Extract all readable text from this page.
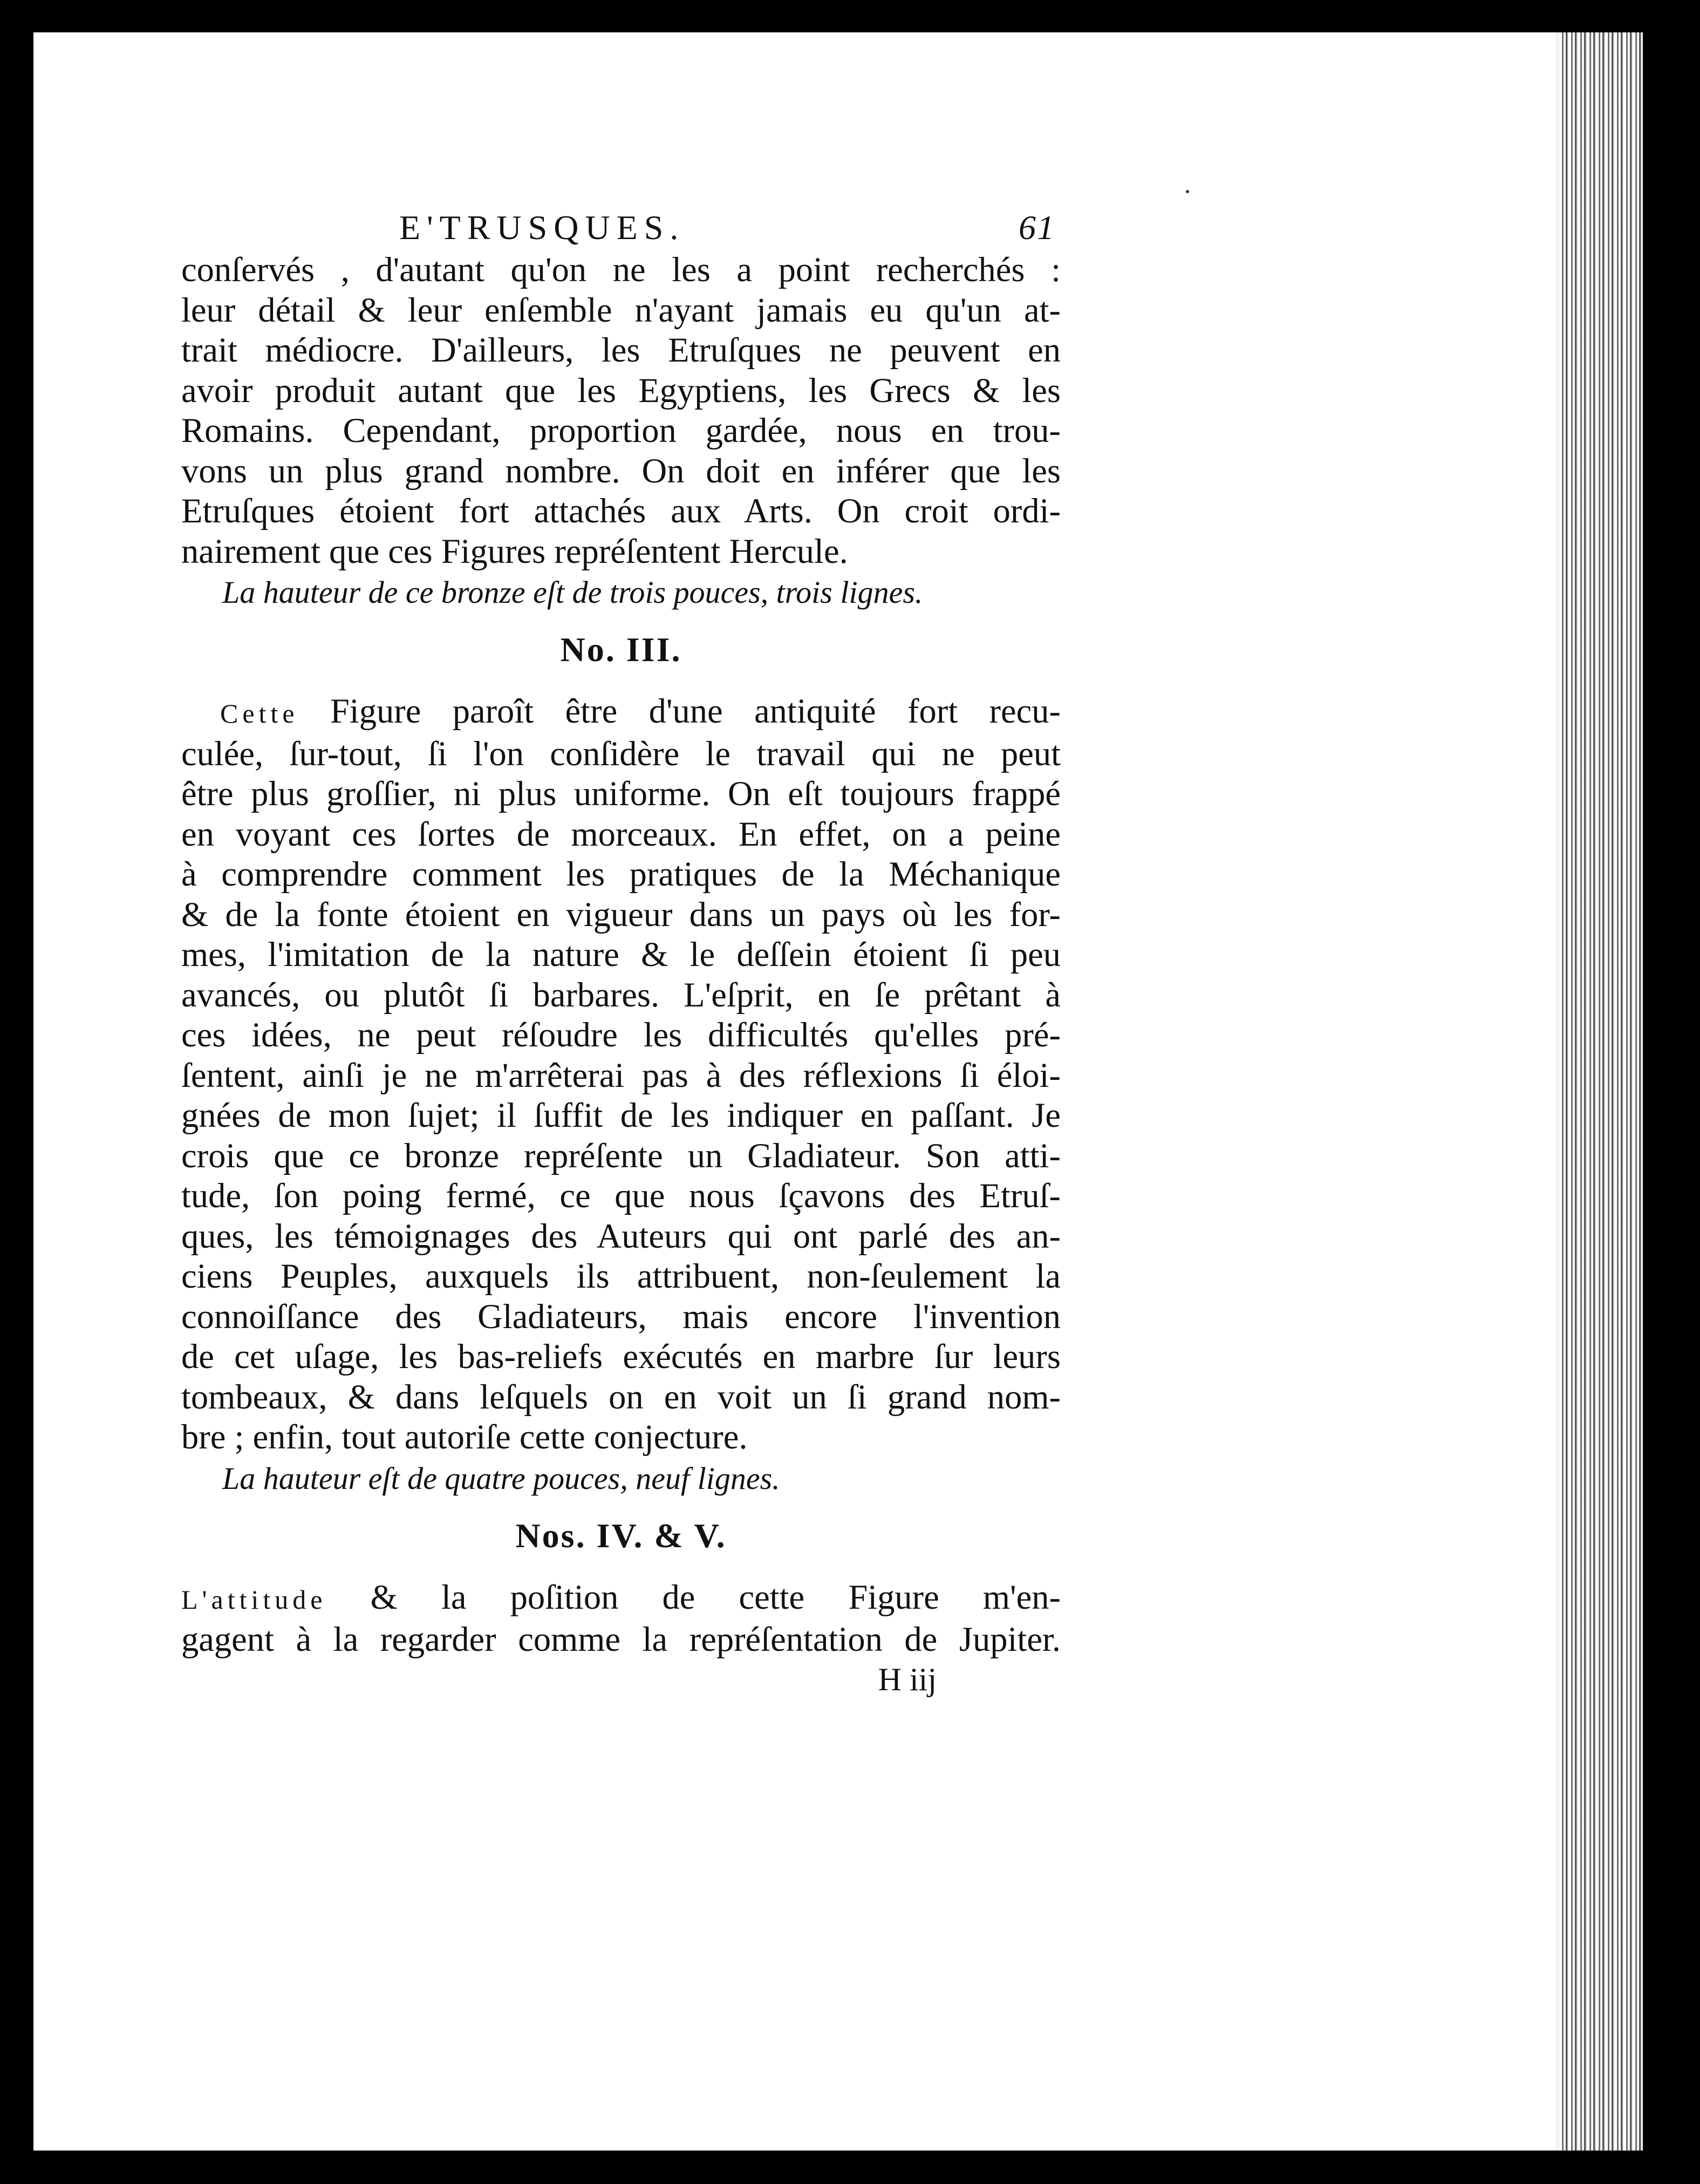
E'TRUSQUES.	61

conſervés , d'autant qu'on ne les a point recherchés :
leur détail & leur enſemble n'ayant jamais eu qu'un at-
trait médiocre. D'ailleurs, les Etruſques ne peuvent en
avoir produit autant que les Egyptiens, les Grecs & les
Romains. Cependant, proportion gardée, nous en trou-
vons un plus grand nombre. On doit en inférer que les
Etruſques étoient fort attachés aux Arts. On croit ordi-
nairement que ces Figures repréſentent Hercule.

La hauteur de ce bronze eſt de trois pouces, trois lignes.

No. III.

Cette Figure paroît être d'une antiquité fort recu-
culée, ſur-tout, ſi l'on conſidère le travail qui ne peut
être plus groſſier, ni plus uniforme. On eſt toujours frappé
en voyant ces ſortes de morceaux. En effet, on a peine
à comprendre comment les pratiques de la Méchanique
& de la fonte étoient en vigueur dans un pays où les for-
mes, l'imitation de la nature & le deſſein étoient ſi peu
avancés, ou plutôt ſi barbares. L'eſprit, en ſe prêtant à
ces idées, ne peut réſoudre les difficultés qu'elles pré-
ſentent, ainſi je ne m'arrêterai pas à des réflexions ſi éloi-
gnées de mon ſujet; il ſuffit de les indiquer en paſſant. Je
crois que ce bronze repréſente un Gladiateur. Son atti-
tude, ſon poing fermé, ce que nous ſçavons des Etruſ-
ques, les témoignages des Auteurs qui ont parlé des an-
ciens Peuples, auxquels ils attribuent, non-ſeulement la
connoiſſance des Gladiateurs, mais encore l'invention
de cet uſage, les bas-reliefs exécutés en marbre ſur leurs
tombeaux, & dans leſquels on en voit un ſi grand nom-
bre ; enfin, tout autoriſe cette conjecture.

La hauteur eſt de quatre pouces, neuf lignes.

Nos. IV. & V.

L'attitude & la poſition de cette Figure m'en-
gagent à la regarder comme la repréſentation de Jupiter.

H iij
